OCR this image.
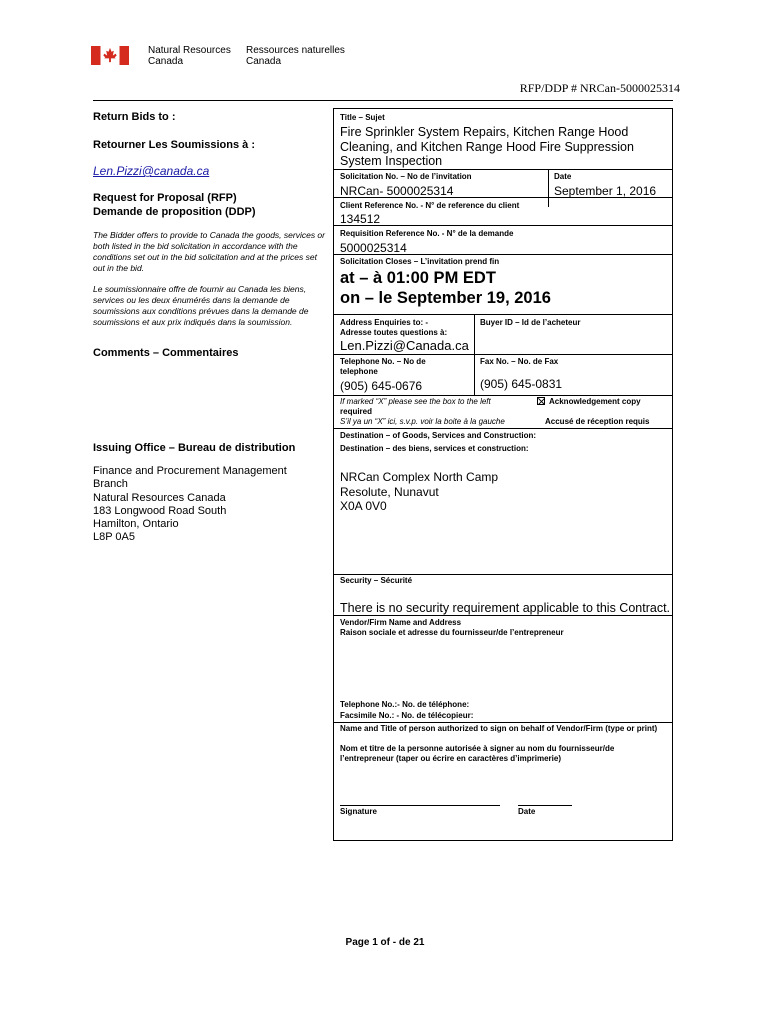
Natural Resources
Canada
Ressources naturelles
Canada
RFP/DDP # NRCan-5000025314
Return Bids to :
Retourner Les Soumissions à :
Len.Pizzi@canada.ca
Request for Proposal (RFP)
Demande de proposition (DDP)
The Bidder offers to provide to Canada the goods, services or both listed in the bid solicitation in accordance with the conditions set out in the bid solicitation and at the prices set out in the bid.
Le soumissionnaire offre de fournir au Canada les biens, services ou les deux énumérés dans la demande de soumissions aux conditions prévues dans la demande de soumissions et aux prix indiqués dans la soumission.
Comments – Commentaires
Issuing Office – Bureau de distribution
Finance and Procurement Management
Branch
Natural Resources Canada
183 Longwood Road South
Hamilton, Ontario
L8P 0A5
Title – Sujet
Fire Sprinkler System Repairs, Kitchen Range Hood Cleaning, and Kitchen Range Hood Fire Suppression System Inspection
Solicitation No. – No de l’invitation
NRCan- 5000025314
Date
September 1, 2016
Client Reference No. - N° de reference du client
134512
Requisition Reference No. - N° de la demande
5000025314
Solicitation Closes – L’invitation prend fin
at – à 01:00 PM EDT
on – le September 19, 2016
Address Enquiries to: -
Adresse toutes questions à:
Buyer ID – Id de l’acheteur
Len.Pizzi@Canada.ca
Telephone No. – No de telephone
(905) 645-0676
Fax No. – No. de Fax
(905) 645-0831
If marked “X” please see the box to the left
required
S’il ya un “X” ici, s.v.p. voir la boite à la gauche
Acknowledgement copy
Accusé de réception requis
Destination – of Goods, Services and Construction:
Destination – des biens, services et construction:
NRCan Complex North Camp
Resolute, Nunavut
X0A 0V0
Security – Sécurité
There is no security requirement applicable to this Contract.
Vendor/Firm Name and Address
Raison sociale et adresse du fournisseur/de l’entrepreneur
Telephone No.:- No. de téléphone:
Facsimile No.: - No. de télécopieur:
Name and Title of person authorized to sign on behalf of Vendor/Firm (type or print)
Nom et titre de la personne autorisée à signer au nom du fournisseur/de l’entrepreneur (taper ou écrire en caractères d’imprimerie)
Signature	Date
Page 1 of - de 21
